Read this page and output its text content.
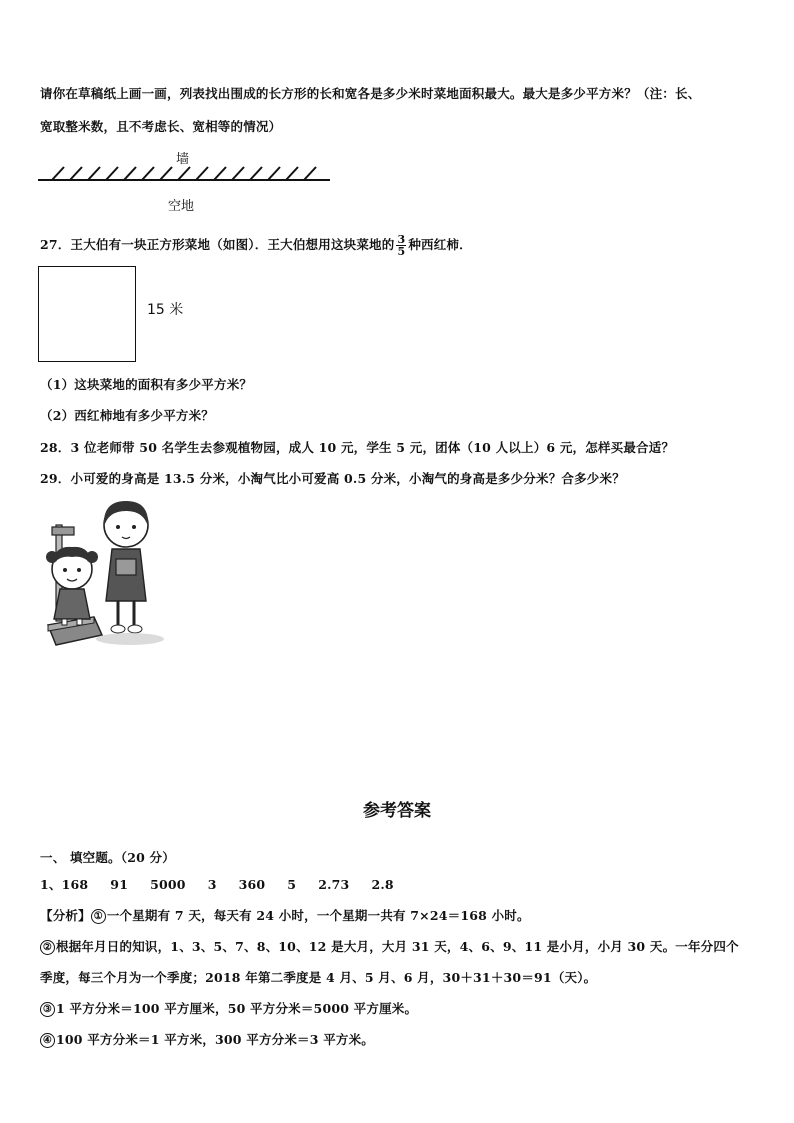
请你在草稿纸上画一画，列表找出围成的长方形的长和宽各是多少米时菜地面积最大。最大是多少平方米？（注：长、
宽取整米数，且不考虑长、宽相等的情况）
墙
空地
27．王大伯有一块正方形菜地（如图）．王大伯想用这块菜地的 $\frac{3}{5}$ 种西红柿．
15 米
（1）这块菜地的面积有多少平方米？
（2）西红柿地有多少平方米？
28．3 位老师带 50 名学生去参观植物园，成人 10 元，学生 5 元，团体（10 人以上）6 元，怎样买最合适？
29．小可爱的身高是 13.5 分米，小淘气比小可爱高 0.5 分米，小淘气的身高是多少分米？合多少米？
参考答案
一、 填空题。（20 分）
1、168 91 5000 3 360 5 2.73 2.8
【分析】 ① 一个星期有 7 天，每天有 24 小时，一个星期一共有 7×24＝168 小时。
② 根据年月日的知识，1、3、5、7、8、10、12 是大月，大月 31 天，4、6、9、11 是小月，小月 30 天。一年分四个
季度，每三个月为一个季度；2018 年第二季度是 4 月、5 月、6 月，30＋31＋30＝91（天）。
③ 1 平方分米＝100 平方厘米，50 平方分米＝5000 平方厘米。
④ 100 平方分米＝1 平方米，300 平方分米＝3 平方米。
